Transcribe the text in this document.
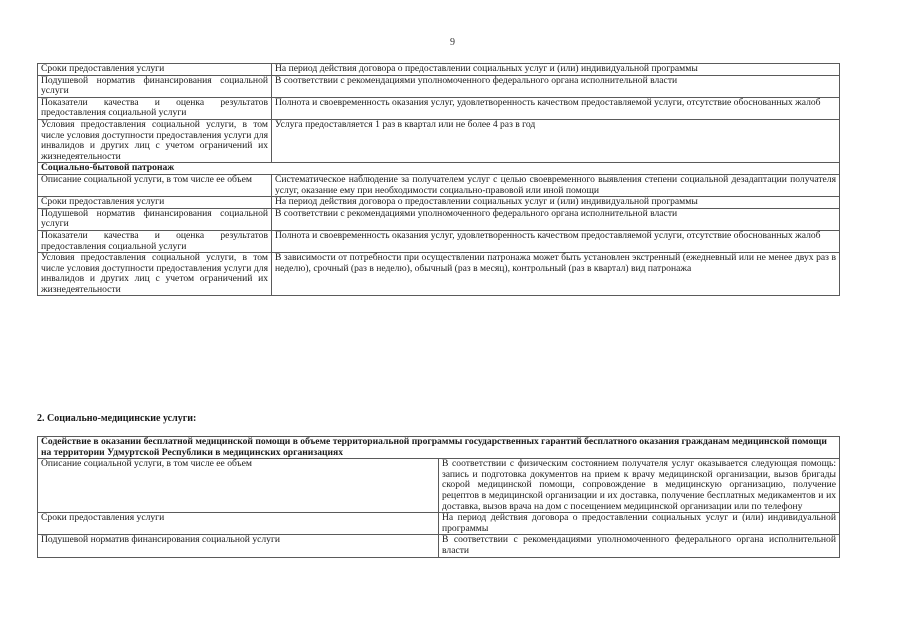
9
Сроки предоставления услуги	На период действия договора о предоставлении социальных услуг и (или) индивидуальной программы
Подушевой норматив финансирования социальной услуги	В соответствии с рекомендациями уполномоченного федерального органа исполнительной власти
Показатели качества и оценка результатов предоставления социальной услуги	Полнота и своевременность оказания услуг, удовлетворенность качеством предоставляемой услуги, отсутствие обоснованных жалоб
Условия предоставления социальной услуги, в том числе условия доступности предоставления услуги для инвалидов и других лиц с учетом ограничений их жизнедеятельности	Услуга предоставляется 1 раз в квартал или не более 4 раз в год
Социально-бытовой патронаж	
Описание социальной услуги, в том числе ее объем	Систематическое наблюдение за получателем услуг с целью своевременного выявления степени социальной дезадаптации получателя услуг, оказание ему при необходимости социально-правовой или иной помощи
Сроки предоставления услуги	На период действия договора о предоставлении социальных услуг и (или) индивидуальной программы
Подушевой норматив финансирования социальной услуги	В соответствии с рекомендациями уполномоченного федерального органа исполнительной власти
Показатели качества и оценка результатов предоставления социальной услуги	Полнота и своевременность оказания услуг, удовлетворенность качеством предоставляемой услуги, отсутствие обоснованных жалоб
Условия предоставления социальной услуги, в том числе условия доступности предоставления услуги для инвалидов и других лиц с учетом ограничений их жизнедеятельности	В зависимости от потребности при осуществлении патронажа может быть установлен экстренный (ежедневный или не менее двух раз в неделю), срочный (раз в неделю), обычный (раз в месяц), контрольный (раз в квартал) вид патронажа
2. Социально-медицинские услуги:
Содействие в оказании бесплатной медицинской помощи в объеме территориальной программы государственных гарантий бесплатного оказания гражданам медицинской помощи на территории Удмуртской Республики в медицинских организациях	
Описание социальной услуги, в том числе ее объем	В соответствии с физическим состоянием получателя услуг оказывается следующая помощь: запись и подготовка документов на прием к врачу медицинской организации, вызов бригады скорой медицинской помощи, сопровождение в медицинскую организацию, получение рецептов в медицинской организации и их доставка, получение бесплатных медикаментов и их доставка, вызов врача на дом с посещением медицинской организации или по телефону
Сроки предоставления услуги	На период действия договора о предоставлении социальных услуг и (или) индивидуальной программы
Подушевой норматив финансирования социальной услуги	В соответствии с рекомендациями уполномоченного федерального органа исполнительной власти
